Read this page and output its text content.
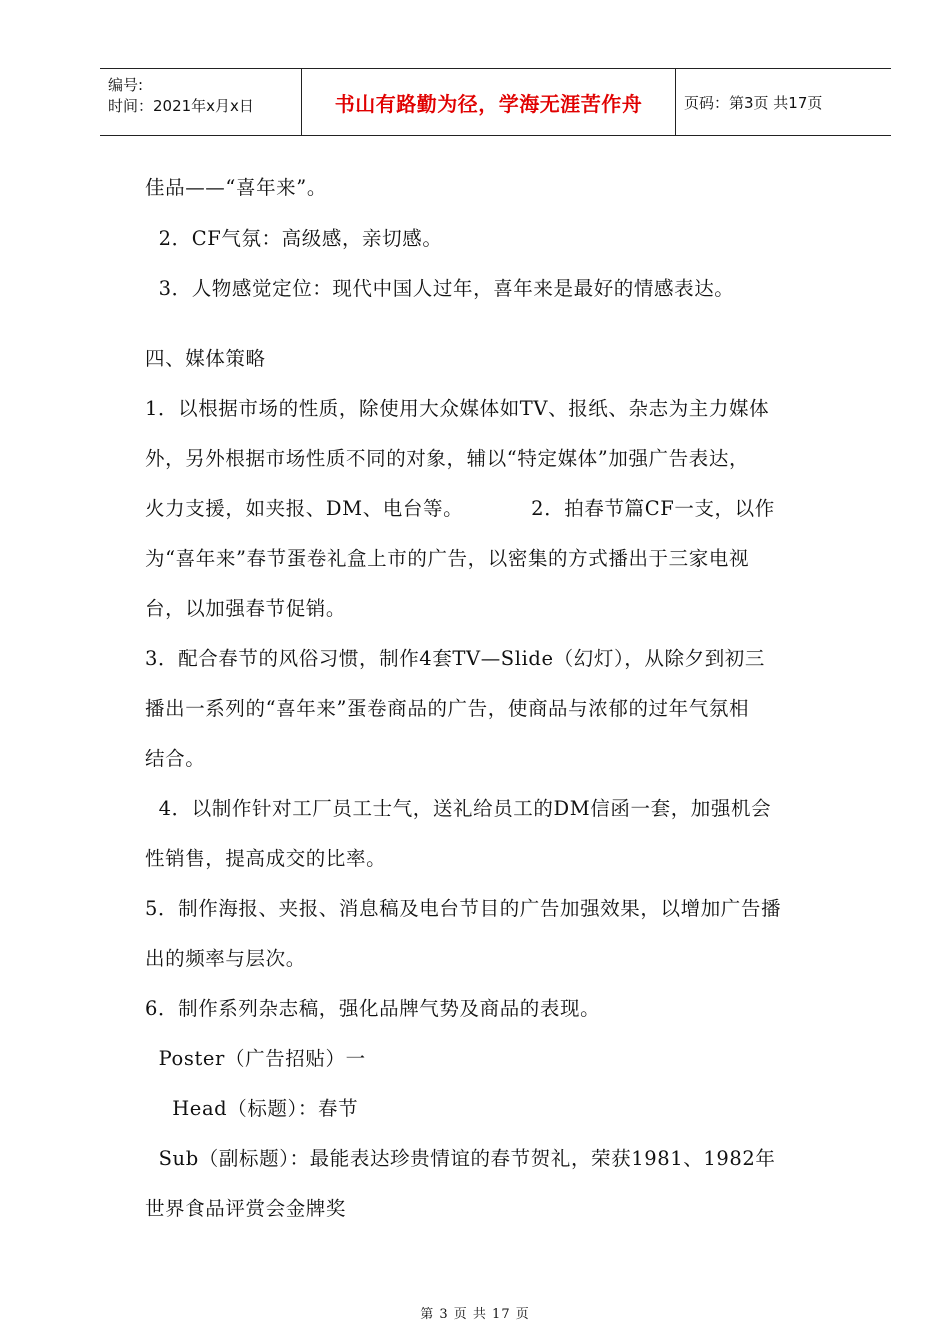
编号:
时间：2021年x月x日	书山有路勤为径，学海无涯苦作舟	页码：第3页 共17页
佳品——“喜年来”。
2．CF气氛：高级感，亲切感。
3．人物感觉定位：现代中国人过年，喜年来是最好的情感表达。
四、媒体策略
1．以根据市场的性质，除使用大众媒体如TV、报纸、杂志为主力媒体
外，另外根据市场性质不同的对象，辅以“特定媒体”加强广告表达，
火力支援，如夹报、DM、电台等。          2．拍春节篇CF一支，以作
为“喜年来”春节蛋卷礼盒上市的广告，以密集的方式播出于三家电视
台，以加强春节促销。
3．配合春节的风俗习惯，制作4套TV—Slide（幻灯），从除夕到初三
播出一系列的“喜年来”蛋卷商品的广告，使商品与浓郁的过年气氛相
结合。
4．以制作针对工厂员工士气，送礼给员工的DM信函一套，加强机会
性销售，提高成交的比率。
5．制作海报、夹报、消息稿及电台节目的广告加强效果，以增加广告播
出的频率与层次。
6．制作系列杂志稿，强化品牌气势及商品的表现。
Poster（广告招贴）一
Head（标题）：春节
Sub（副标题）：最能表达珍贵情谊的春节贺礼，荣获1981、1982年
世界食品评赏会金牌奖
第 3 页 共 17 页
